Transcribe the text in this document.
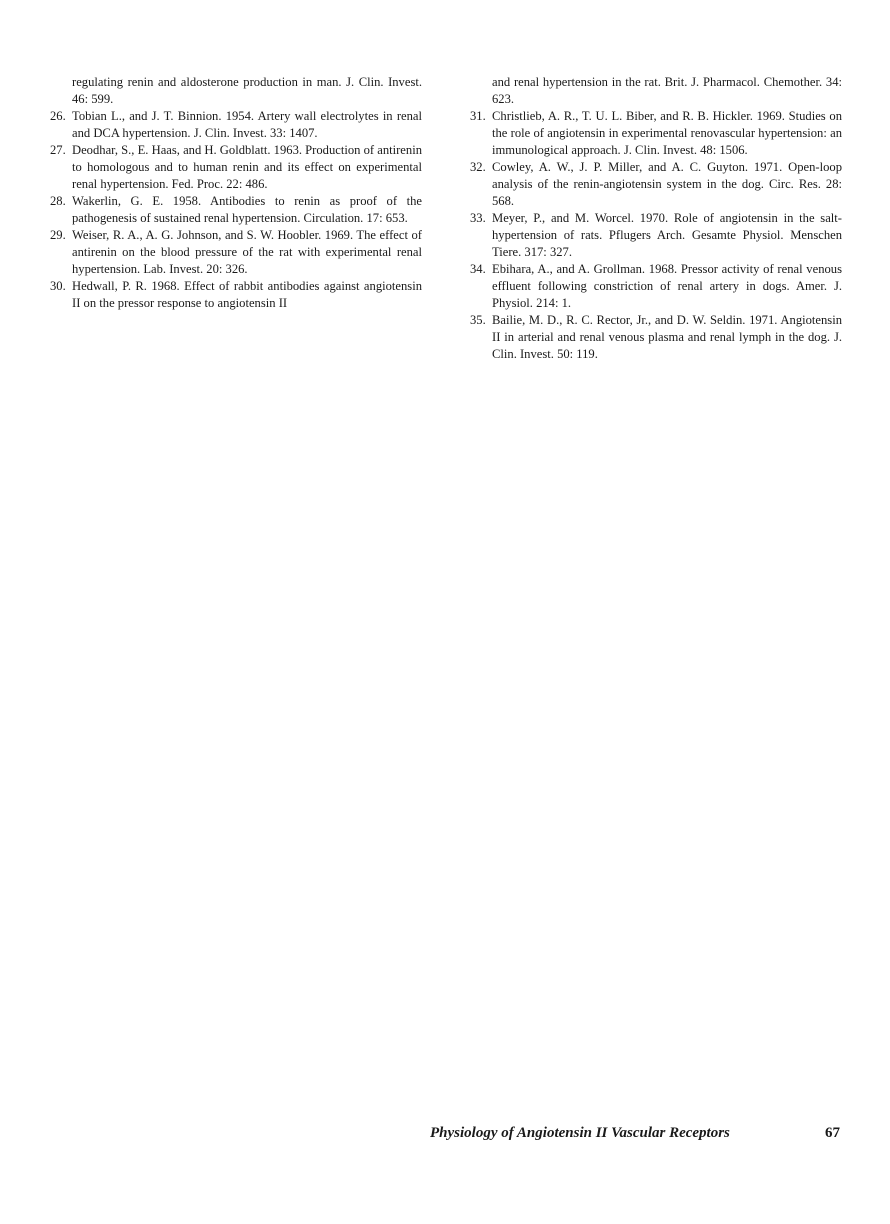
regulating renin and aldosterone production in man. J. Clin. Invest. 46: 599.
26. Tobian L., and J. T. Binnion. 1954. Artery wall electrolytes in renal and DCA hypertension. J. Clin. Invest. 33: 1407.
27. Deodhar, S., E. Haas, and H. Goldblatt. 1963. Production of antirenin to homologous and to human renin and its effect on experimental renal hypertension. Fed. Proc. 22: 486.
28. Wakerlin, G. E. 1958. Antibodies to renin as proof of the pathogenesis of sustained renal hypertension. Circulation. 17: 653.
29. Weiser, R. A., A. G. Johnson, and S. W. Hoobler. 1969. The effect of antirenin on the blood pressure of the rat with experimental renal hypertension. Lab. Invest. 20: 326.
30. Hedwall, P. R. 1968. Effect of rabbit antibodies against angiotensin II on the pressor response to angiotensin II
and renal hypertension in the rat. Brit. J. Pharmacol. Chemother. 34: 623.
31. Christlieb, A. R., T. U. L. Biber, and R. B. Hickler. 1969. Studies on the role of angiotensin in experimental renovascular hypertension: an immunological approach. J. Clin. Invest. 48: 1506.
32. Cowley, A. W., J. P. Miller, and A. C. Guyton. 1971. Open-loop analysis of the renin-angiotensin system in the dog. Circ. Res. 28: 568.
33. Meyer, P., and M. Worcel. 1970. Role of angiotensin in the salt-hypertension of rats. Pflugers Arch. Gesamte Physiol. Menschen Tiere. 317: 327.
34. Ebihara, A., and A. Grollman. 1968. Pressor activity of renal venous effluent following constriction of renal artery in dogs. Amer. J. Physiol. 214: 1.
35. Bailie, M. D., R. C. Rector, Jr., and D. W. Seldin. 1971. Angiotensin II in arterial and renal venous plasma and renal lymph in the dog. J. Clin. Invest. 50: 119.
Physiology of Angiotensin II Vascular Receptors	67
